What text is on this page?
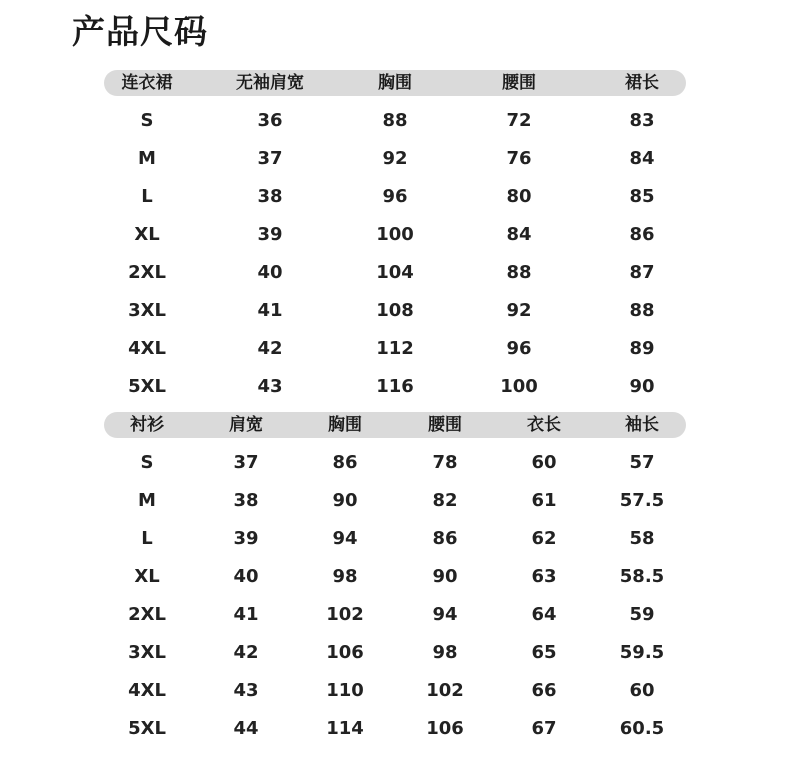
产品尺码
连衣裙	无袖肩宽	胸围	腰围	裙长
S	36	88	72	83
M	37	92	76	84
L	38	96	80	85
XL	39	100	84	86
2XL	40	104	88	87
3XL	41	108	92	88
4XL	42	112	96	89
5XL	43	116	100	90
衬衫	肩宽	胸围	腰围	衣长	袖长
S	37	86	78	60	57
M	38	90	82	61	57.5
L	39	94	86	62	58
XL	40	98	90	63	58.5
2XL	41	102	94	64	59
3XL	42	106	98	65	59.5
4XL	43	110	102	66	60
5XL	44	114	106	67	60.5
